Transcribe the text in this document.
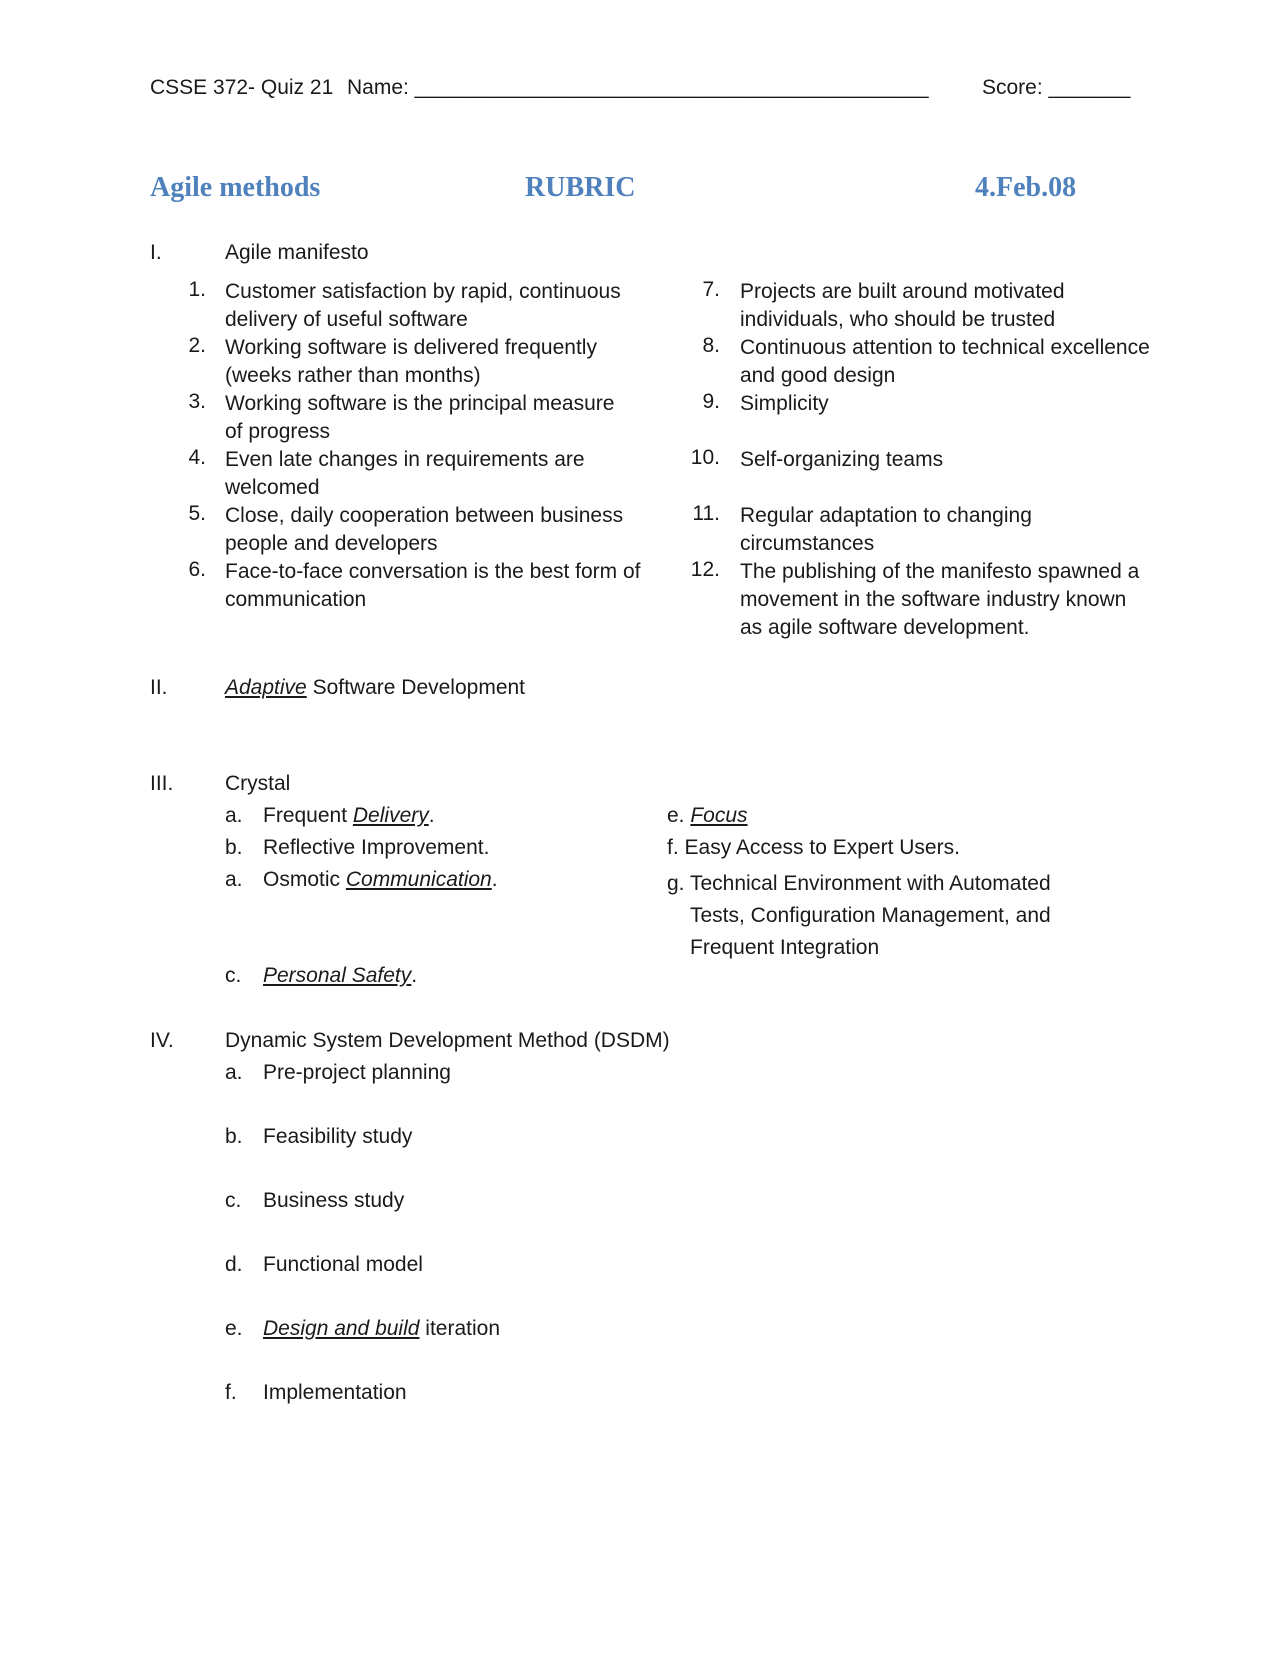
CSSE 372- Quiz 21 Name: ____________________________________________	Score: _______
Agile methods	RUBRIC	4.Feb.08
I.	Agile manifesto
1. Customer satisfaction by rapid, continuous
delivery of useful software
2. Working software is delivered frequently
(weeks rather than months)
3. Working software is the principal measure
of progress
4. Even late changes in requirements are
welcomed
5. Close, daily cooperation between business
people and developers
6. Face-to-face conversation is the best form of
communication
7. Projects are built around motivated
individuals, who should be trusted
8. Continuous attention to technical excellence
and good design
9. Simplicity
10. Self-organizing teams
11. Regular adaptation to changing
circumstances
12. The publishing of the manifesto spawned a
movement in the software industry known
as agile software development.
II.	Adaptive Software Development
III. Crystal
a. Frequent Delivery.
b. Reflective Improvement.
a. Osmotic Communication.
c. Personal Safety.
e. Focus
f. Easy Access to Expert Users.
g. Technical Environment with Automated
Tests, Configuration Management, and
Frequent Integration
IV. Dynamic System Development Method (DSDM)
a. Pre-project planning
b. Feasibility study
c. Business study
d. Functional model
e. Design and build iteration
f. Implementation
